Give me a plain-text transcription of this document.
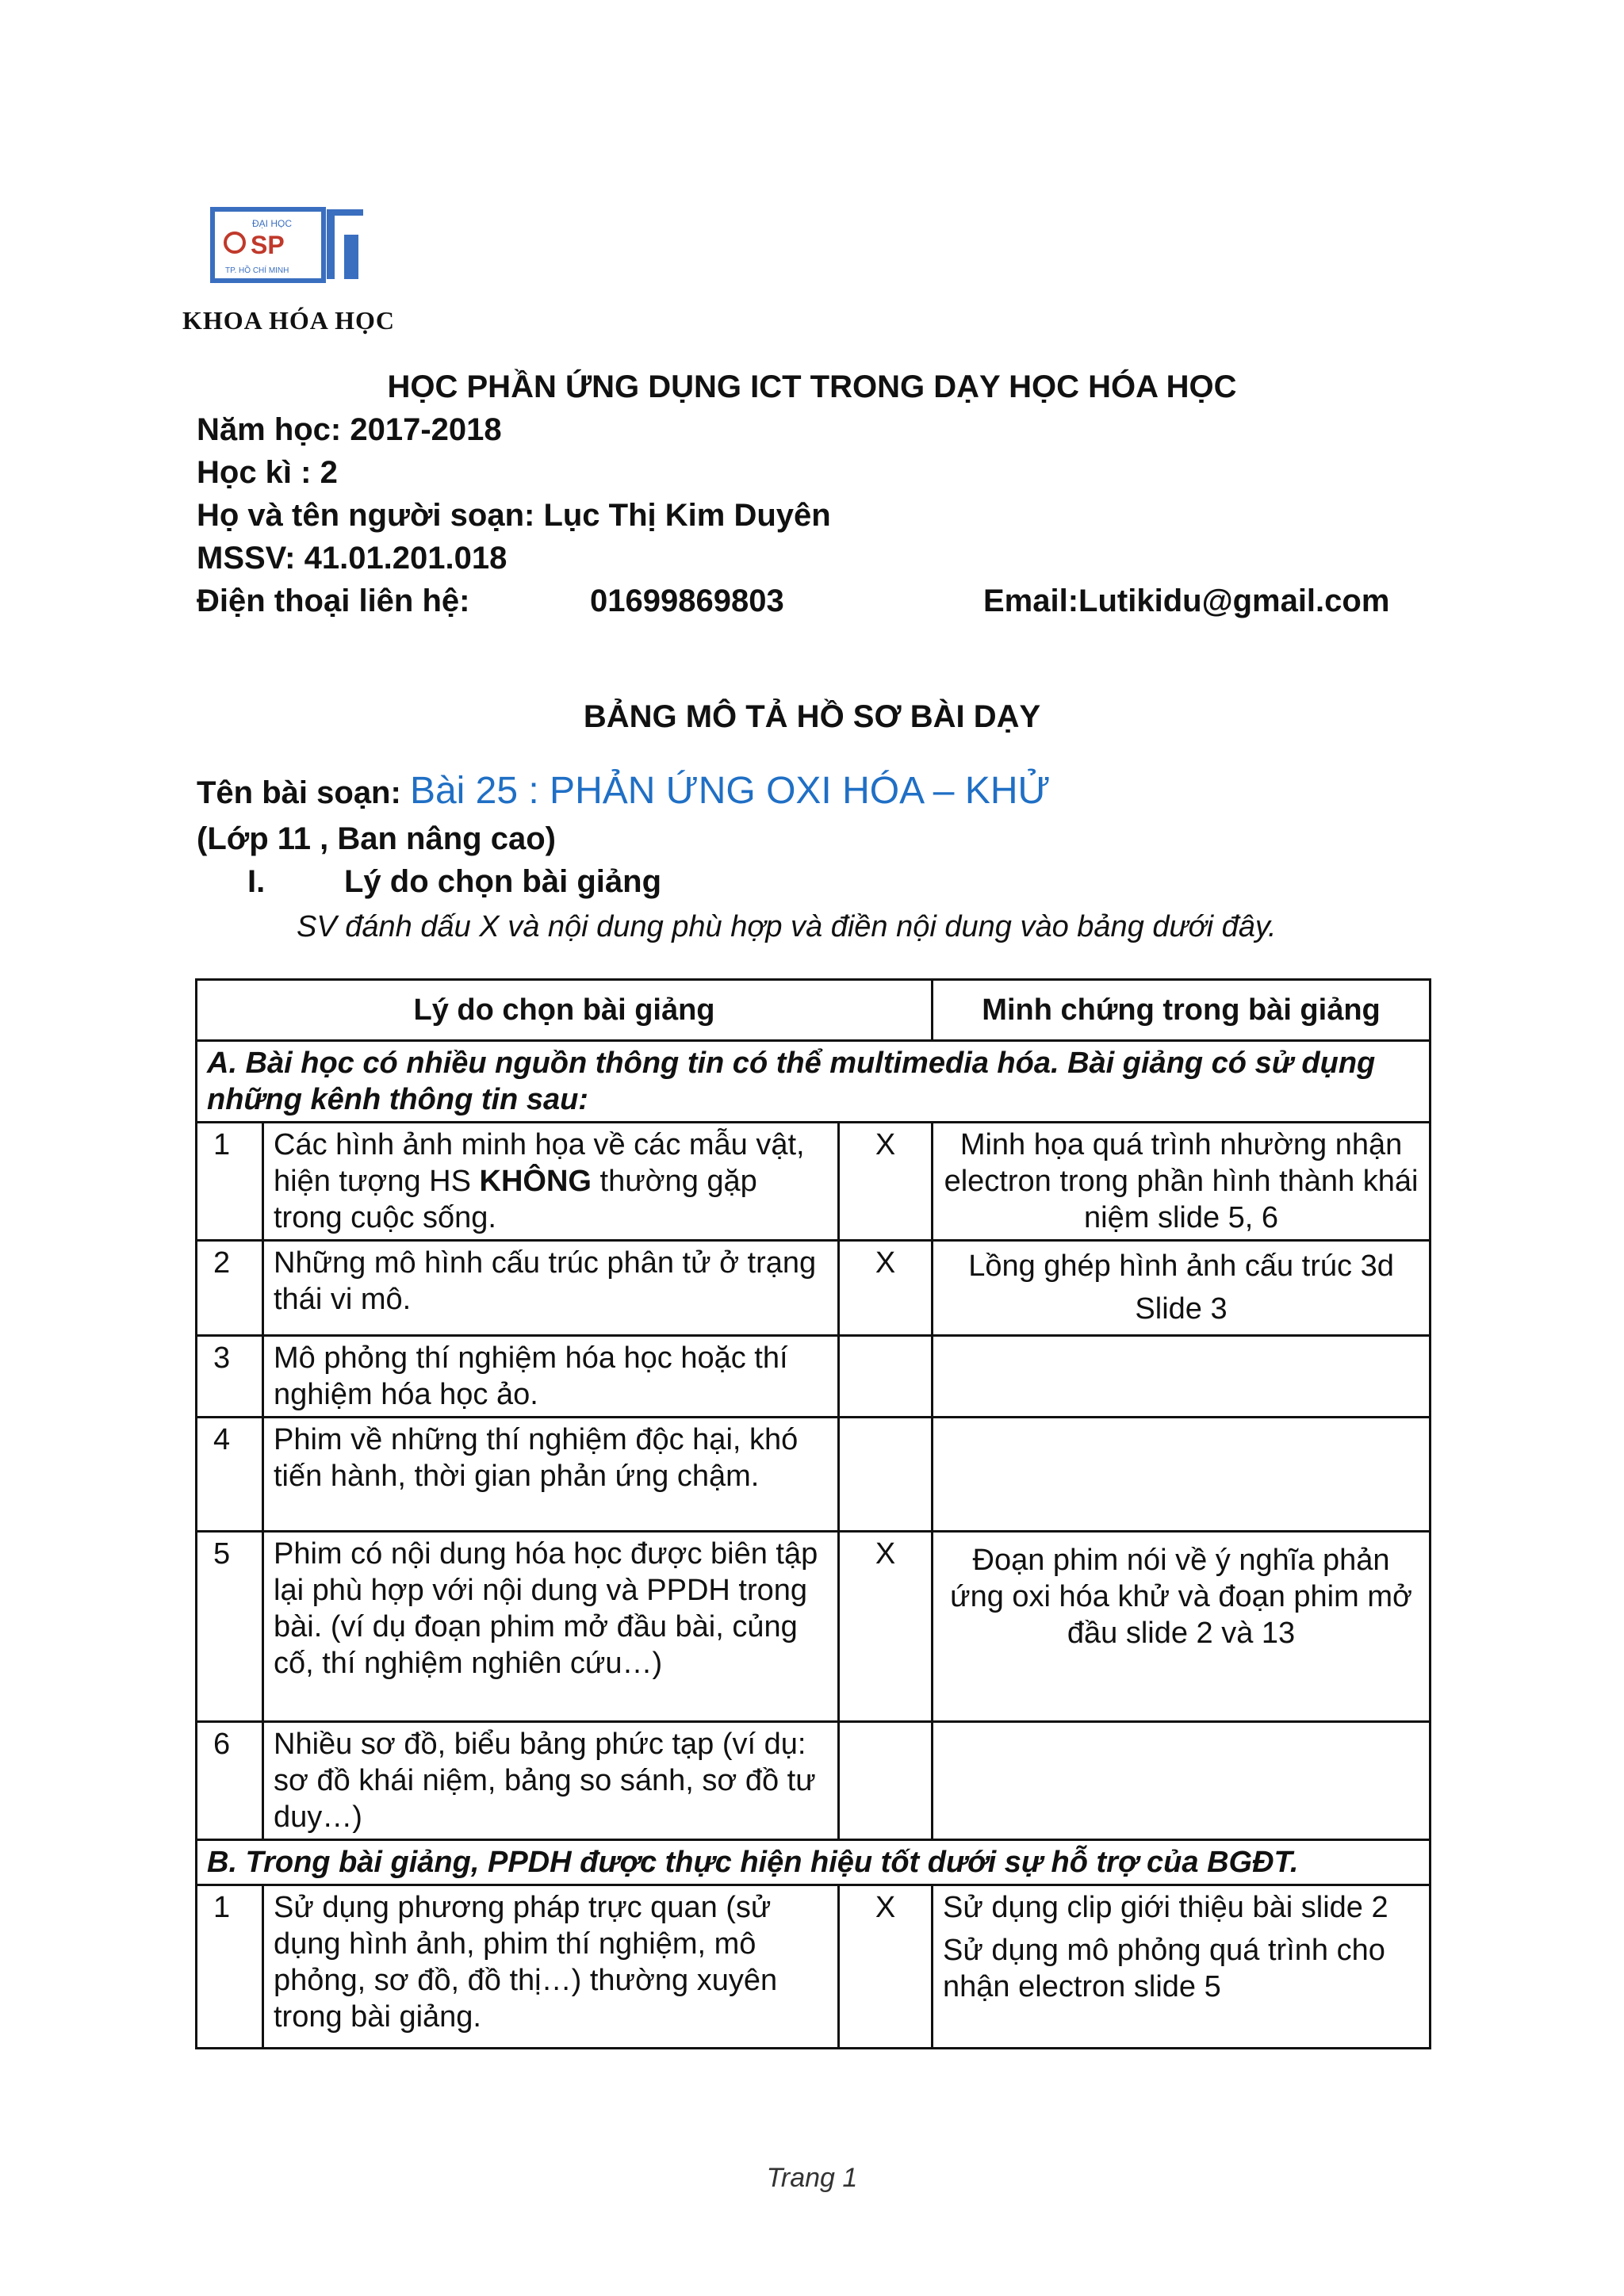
ĐẠI HỌC
SP
TP. HỒ CHÍ MINH
KHOA HÓA HỌC
HỌC PHẦN ỨNG DỤNG ICT TRONG DẠY HỌC HÓA HỌC
Năm học: 2017-2018
Học kì : 2
Họ và tên người soạn: Lục Thị Kim Duyên
MSSV: 41.01.201.018
Điện thoại liên hệ:	01699869803	Email:Lutikidu@gmail.com
BẢNG MÔ TẢ HỒ SƠ BÀI DẠY
Tên bài soạn: Bài 25 : PHẢN ỨNG OXI HÓA – KHỬ
(Lớp 11 , Ban nâng cao)
I. Lý do chọn bài giảng
SV đánh dấu X và nội dung phù hợp và điền nội dung vào bảng dưới đây.
Lý do chọn bài giảng			Minh chứng trong bài giảng
A. Bài học có nhiều nguồn thông tin có thể multimedia hóa. Bài giảng có sử dụng những kênh thông tin sau:			
1	Các hình ảnh minh họa về các mẫu vật, hiện tượng HS KHÔNG thường gặp trong cuộc sống.	X	Minh họa quá trình nhường nhận electron trong phần hình thành khái niệm slide 5, 6
2	Những mô hình cấu trúc phân tử ở trạng thái vi mô.	X	Lồng ghép hình ảnh cấu trúc 3d Slide 3
3	Mô phỏng thí nghiệm hóa học hoặc thí nghiệm hóa học ảo.		
4	Phim về những thí nghiệm độc hại, khó tiến hành, thời gian phản ứng chậm.		
5	Phim có nội dung hóa học được biên tập lại phù hợp với nội dung và PPDH trong bài. (ví dụ đoạn phim mở đầu bài, củng cố, thí nghiệm nghiên cứu…)	X	Đoạn phim nói về ý nghĩa phản ứng oxi hóa khử và đoạn phim mở đầu slide 2 và 13
6	Nhiều sơ đồ, biểu bảng phức tạp (ví dụ: sơ đồ khái niệm, bảng so sánh, sơ đồ tư duy…)		
B. Trong bài giảng, PPDH được thực hiện hiệu tốt dưới sự hỗ trợ của BGĐT.			
1	Sử dụng phương pháp trực quan (sử dụng hình ảnh, phim thí nghiệm, mô phỏng, sơ đồ, đồ thị…) thường xuyên trong bài giảng.	X	Sử dụng clip giới thiệu bài slide 2
Sử dụng mô phỏng quá trình cho nhận electron slide 5
Trang 1
